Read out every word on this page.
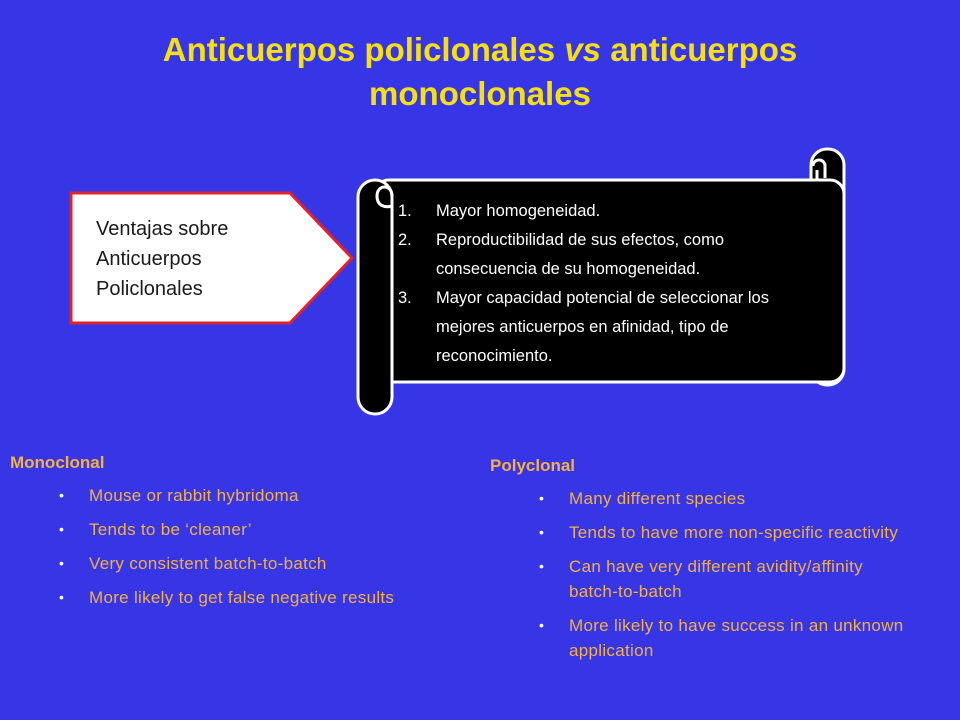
Anticuerpos policlonales vs anticuerpos monoclonales
Ventajas sobre
Anticuerpos
Policlonales
1.	Mayor homogeneidad.
2.	Reproductibilidad de sus efectos, como consecuencia de su homogeneidad.
3.	Mayor capacidad potencial de seleccionar los mejores anticuerpos en afinidad, tipo de reconocimiento.
Monoclonal
• Mouse or rabbit hybridoma
• Tends to be ‘cleaner’
• Very consistent batch-to-batch
• More likely to get false negative results
Polyclonal
• Many different species
• Tends to have more non-specific reactivity
• Can have very different avidity/affinity batch-to-batch
• More likely to have success in an unknown application
